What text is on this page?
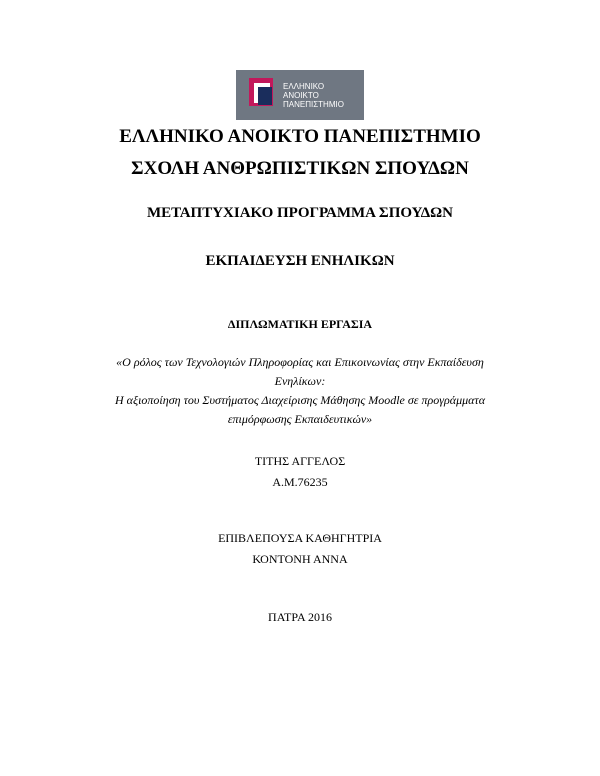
ΕΛΛΗΝΙΚΟ
ΑΝΟΙΚΤΟ
ΠΑΝΕΠΙΣΤΗΜΙΟ
ΕΛΛΗΝΙΚΟ ΑΝΟΙΚΤΟ ΠΑΝΕΠΙΣΤΗΜΙΟ
ΣΧΟΛΗ ΑΝΘΡΩΠΙΣΤΙΚΩΝ ΣΠΟΥΔΩΝ
ΜΕΤΑΠΤΥΧΙΑΚΟ ΠΡΟΓΡΑΜΜΑ ΣΠΟΥΔΩΝ
ΕΚΠΑΙΔΕΥΣΗ ΕΝΗΛΙΚΩΝ
ΔΙΠΛΩΜΑΤΙΚΗ ΕΡΓΑΣΙΑ
«Ο ρόλος των Τεχνολογιών Πληροφορίας και Επικοινωνίας στην Εκπαίδευση Ενηλίκων:
Η αξιοποίηση του Συστήματος Διαχείρισης Μάθησης Moodle σε προγράμματα
επιμόρφωσης Εκπαιδευτικών»
ΤΙΤΗΣ ΑΓΓΕΛΟΣ
Α.Μ.76235
ΕΠΙΒΛΕΠΟΥΣΑ ΚΑΘΗΓΗΤΡΙΑ
ΚΟΝΤΟΝΗ ΑΝΝΑ
ΠΑΤΡΑ 2016
